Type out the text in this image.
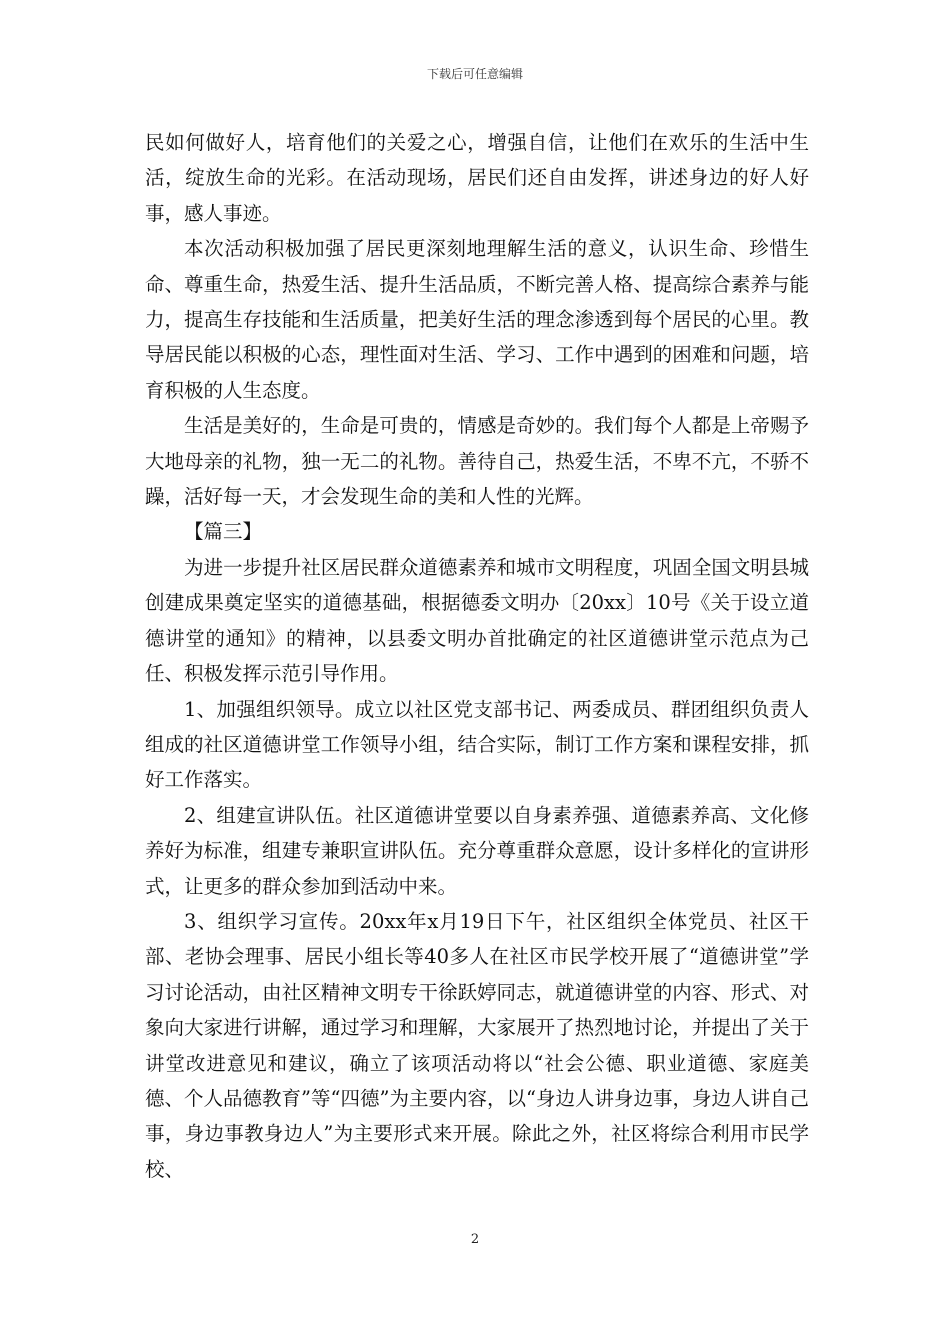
下载后可任意编辑

民如何做好人，培育他们的关爱之心，增强自信，让他们在欢乐的生活中生活，绽放生命的光彩。在活动现场，居民们还自由发挥，讲述身边的好人好事，感人事迹。

本次活动积极加强了居民更深刻地理解生活的意义，认识生命、珍惜生命、尊重生命，热爱生活、提升生活品质，不断完善人格、提高综合素养与能力，提高生存技能和生活质量，把美好生活的理念渗透到每个居民的心里。教导居民能以积极的心态，理性面对生活、学习、工作中遇到的困难和问题，培育积极的人生态度。

生活是美好的，生命是可贵的，情感是奇妙的。我们每个人都是上帝赐予大地母亲的礼物，独一无二的礼物。善待自己，热爱生活，不卑不亢，不骄不躁，活好每一天，才会发现生命的美和人性的光辉。

【篇三】

为进一步提升社区居民群众道德素养和城市文明程度，巩固全国文明县城创建成果奠定坚实的道德基础，根据德委文明办〔20xx〕10号《关于设立道德讲堂的通知》的精神，以县委文明办首批确定的社区道德讲堂示范点为己任、积极发挥示范引导作用。

1、加强组织领导。成立以社区党支部书记、两委成员、群团组织负责人组成的社区道德讲堂工作领导小组，结合实际，制订工作方案和课程安排，抓好工作落实。

2、组建宣讲队伍。社区道德讲堂要以自身素养强、道德素养高、文化修养好为标准，组建专兼职宣讲队伍。充分尊重群众意愿，设计多样化的宣讲形式，让更多的群众参加到活动中来。

3、组织学习宣传。20xx年x月19日下午，社区组织全体党员、社区干部、老协会理事、居民小组长等40多人在社区市民学校开展了“道德讲堂”学习讨论活动，由社区精神文明专干徐跃婷同志，就道德讲堂的内容、形式、对象向大家进行讲解，通过学习和理解，大家展开了热烈地讨论，并提出了关于讲堂改进意见和建议，确立了该项活动将以“社会公德、职业道德、家庭美德、个人品德教育”等“四德”为主要内容，以“身边人讲身边事，身边人讲自己事，身边事教身边人”为主要形式来开展。除此之外，社区将综合利用市民学校、

2
